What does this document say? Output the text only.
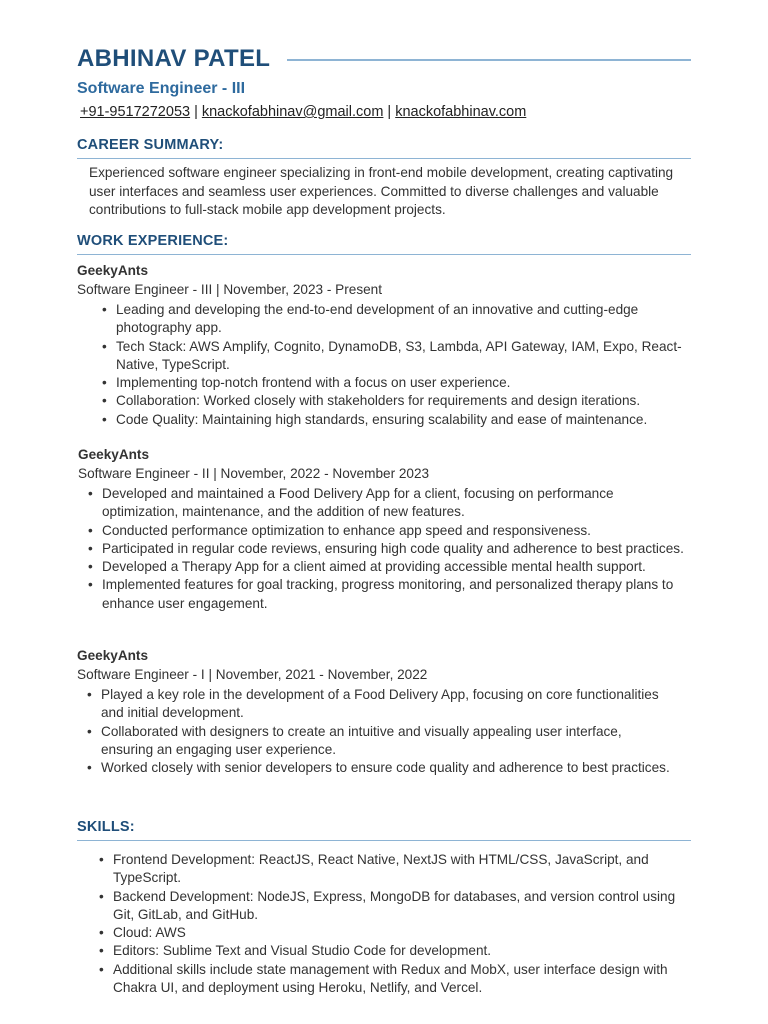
ABHINAV PATEL
Software Engineer - III
+91-9517272053 | knackofabhinav@gmail.com | knackofabhinav.com
CAREER SUMMARY:

Experienced software engineer specializing in front-end mobile development, creating captivating user interfaces and seamless user experiences. Committed to diverse challenges and valuable contributions to full-stack mobile app development projects.

WORK EXPERIENCE:
GeekyAnts
Software Engineer - III | November, 2023 - Present
• Leading and developing the end-to-end development of an innovative and cutting-edge photography app.
• Tech Stack: AWS Amplify, Cognito, DynamoDB, S3, Lambda, API Gateway, IAM, Expo, React-Native, TypeScript.
• Implementing top-notch frontend with a focus on user experience.
• Collaboration: Worked closely with stakeholders for requirements and design iterations.
• Code Quality: Maintaining high standards, ensuring scalability and ease of maintenance.
GeekyAnts
Software Engineer - II | November, 2022 - November 2023
• Developed and maintained a Food Delivery App for a client, focusing on performance optimization, maintenance, and the addition of new features.
• Conducted performance optimization to enhance app speed and responsiveness.
• Participated in regular code reviews, ensuring high code quality and adherence to best practices.
• Developed a Therapy App for a client aimed at providing accessible mental health support.
• Implemented features for goal tracking, progress monitoring, and personalized therapy plans to enhance user engagement.
GeekyAnts
Software Engineer - I | November, 2021 - November, 2022
• Played a key role in the development of a Food Delivery App, focusing on core functionalities and initial development.
• Collaborated with designers to create an intuitive and visually appealing user interface, ensuring an engaging user experience.
• Worked closely with senior developers to ensure code quality and adherence to best practices.
SKILLS:
• Frontend Development: ReactJS, React Native, NextJS with HTML/CSS, JavaScript, and TypeScript.
• Backend Development: NodeJS, Express, MongoDB for databases, and version control using Git, GitLab, and GitHub.
• Cloud: AWS
• Editors: Sublime Text and Visual Studio Code for development.
• Additional skills include state management with Redux and MobX, user interface design with Chakra UI, and deployment using Heroku, Netlify, and Vercel.
